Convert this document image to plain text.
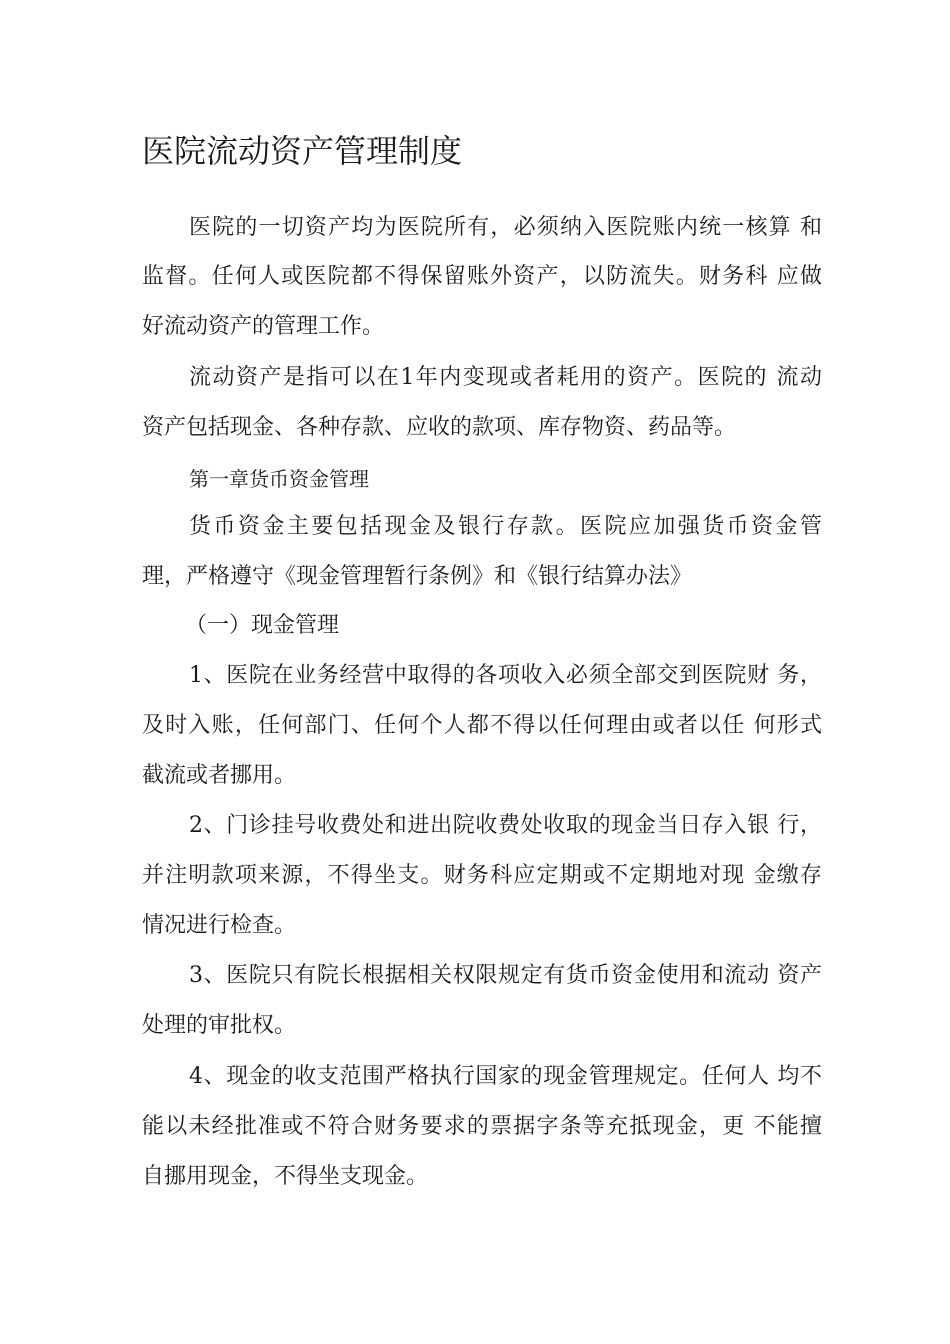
医院流动资产管理制度
医院的一切资产均为医院所有，必须纳入医院账内统一核算 和
监督。任何人或医院都不得保留账外资产，以防流失。财务科 应做
好流动资产的管理工作。
流动资产是指可以在1年内变现或者耗用的资产。医院的 流动
资产包括现金、各种存款、应收的款项、库存物资、药品等。
第一章货币资金管理
货币资金主要包括现金及银行存款。医院应加强货币资金管
理，严格遵守《现金管理暂行条例》和《银行结算办法》
（一）现金管理
1、医院在业务经营中取得的各项收入必须全部交到医院财 务，
及时入账，任何部门、任何个人都不得以任何理由或者以任 何形式
截流或者挪用。
2、门诊挂号收费处和进出院收费处收取的现金当日存入银 行，
并注明款项来源，不得坐支。财务科应定期或不定期地对现 金缴存
情况进行检查。
3、医院只有院长根据相关权限规定有货币资金使用和流动 资产
处理的审批权。
4、现金的收支范围严格执行国家的现金管理规定。任何人 均不
能以未经批准或不符合财务要求的票据字条等充抵现金，更 不能擅
自挪用现金，不得坐支现金。
